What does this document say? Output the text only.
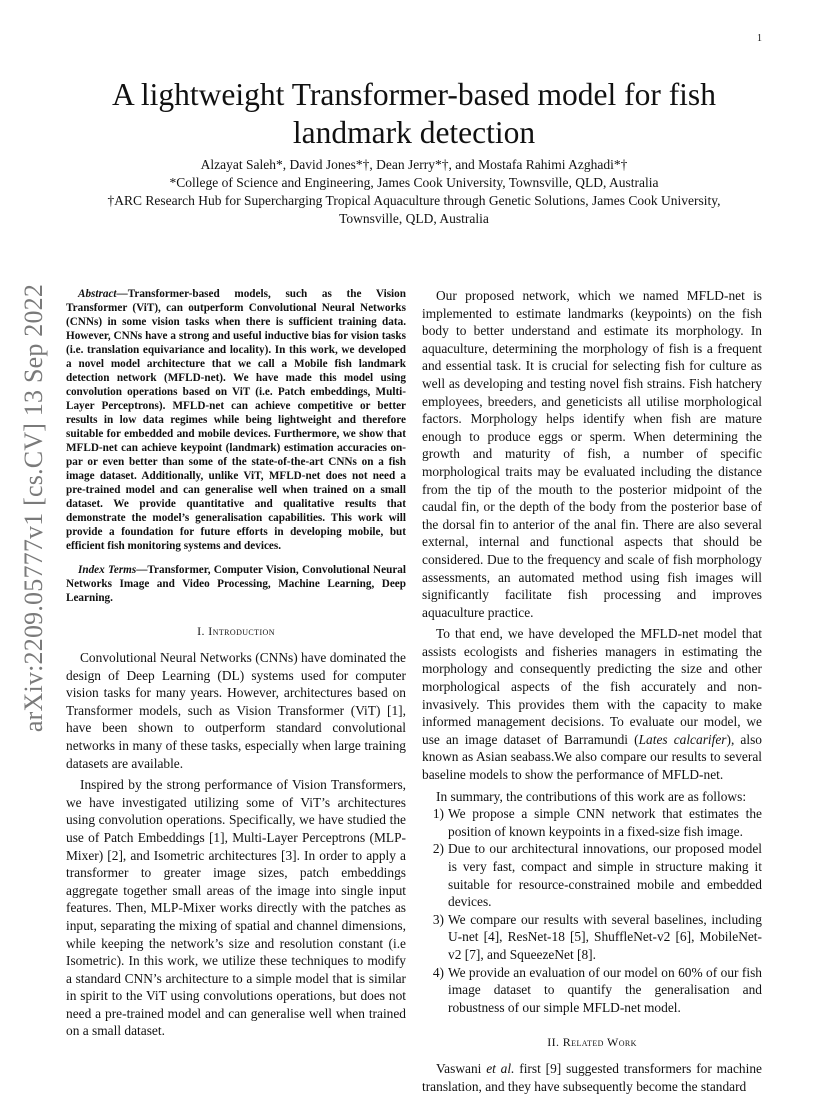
1
arXiv:2209.05777v1 [cs.CV] 13 Sep 2022
A lightweight Transformer-based model for fish
landmark detection
Alzayat Saleh*, David Jones*†, Dean Jerry*†, and Mostafa Rahimi Azghadi*†
*College of Science and Engineering, James Cook University, Townsville, QLD, Australia
†ARC Research Hub for Supercharging Tropical Aquaculture through Genetic Solutions, James Cook University,
Townsville, QLD, Australia

Abstract—Transformer-based models, such as the Vision Transformer (ViT), can outperform Convolutional Neural Networks (CNNs) in some vision tasks when there is sufficient training data. However, CNNs have a strong and useful inductive bias for vision tasks (i.e. translation equivariance and locality). In this work, we developed a novel model architecture that we call a Mobile fish landmark detection network (MFLD-net). We have made this model using convolution operations based on ViT (i.e. Patch embeddings, Multi-Layer Perceptrons). MFLD-net can achieve competitive or better results in low data regimes while being lightweight and therefore suitable for embedded and mobile devices. Furthermore, we show that MFLD-net can achieve keypoint (landmark) estimation accuracies on-par or even better than some of the state-of-the-art CNNs on a fish image dataset. Additionally, unlike ViT, MFLD-net does not need a pre-trained model and can generalise well when trained on a small dataset. We provide quantitative and qualitative results that demonstrate the model’s generalisation capabilities. This work will provide a foundation for future efforts in developing mobile, but efficient fish monitoring systems and devices.

Index Terms—Transformer, Computer Vision, Convolutional Neural Networks Image and Video Processing, Machine Learning, Deep Learning.

I. Introduction

Convolutional Neural Networks (CNNs) have dominated the design of Deep Learning (DL) systems used for computer vision tasks for many years. However, architectures based on Transformer models, such as Vision Transformer (ViT) [1], have been shown to outperform standard convolutional networks in many of these tasks, especially when large training datasets are available.

Inspired by the strong performance of Vision Transformers, we have investigated utilizing some of ViT’s architectures using convolution operations. Specifically, we have studied the use of Patch Embeddings [1], Multi-Layer Perceptrons (MLP-Mixer) [2], and Isometric architectures [3]. In order to apply a transformer to greater image sizes, patch embeddings aggregate together small areas of the image into single input features. Then, MLP-Mixer works directly with the patches as input, separating the mixing of spatial and channel dimensions, while keeping the network’s size and resolution constant (i.e Isometric). In this work, we utilize these techniques to modify a standard CNN’s architecture to a simple model that is similar in spirit to the ViT using convolutions operations, but does not need a pre-trained model and can generalise well when trained on a small dataset.

Our proposed network, which we named MFLD-net is implemented to estimate landmarks (keypoints) on the fish body to better understand and estimate its morphology. In aquaculture, determining the morphology of fish is a frequent and essential task. It is crucial for selecting fish for culture as well as developing and testing novel fish strains. Fish hatchery employees, breeders, and geneticists all utilise morphological factors. Morphology helps identify when fish are mature enough to produce eggs or sperm. When determining the growth and maturity of fish, a number of specific morphological traits may be evaluated including the distance from the tip of the mouth to the posterior midpoint of the caudal fin, or the depth of the body from the posterior base of the dorsal fin to anterior of the anal fin. There are also several external, internal and functional aspects that should be considered. Due to the frequency and scale of fish morphology assessments, an automated method using fish images will significantly facilitate fish processing and improves aquaculture practice.

To that end, we have developed the MFLD-net model that assists ecologists and fisheries managers in estimating the morphology and consequently predicting the size and other morphological aspects of the fish accurately and non-invasively. This provides them with the capacity to make informed management decisions. To evaluate our model, we use an image dataset of Barramundi (Lates calcarifer), also known as Asian seabass.We also compare our results to several baseline models to show the performance of MFLD-net.

In summary, the contributions of this work are as follows:

1) We propose a simple CNN network that estimates the position of known keypoints in a fixed-size fish image.
2) Due to our architectural innovations, our proposed model is very fast, compact and simple in structure making it suitable for resource-constrained mobile and embedded devices.
3) We compare our results with several baselines, including U-net [4], ResNet-18 [5], ShuffleNet-v2 [6], MobileNet-v2 [7], and SqueezeNet [8].
4) We provide an evaluation of our model on 60% of our fish image dataset to quantify the generalisation and robustness of our simple MFLD-net model.
II. Related Work

Vaswani et al. first [9] suggested transformers for machine translation, and they have subsequently become the standard
